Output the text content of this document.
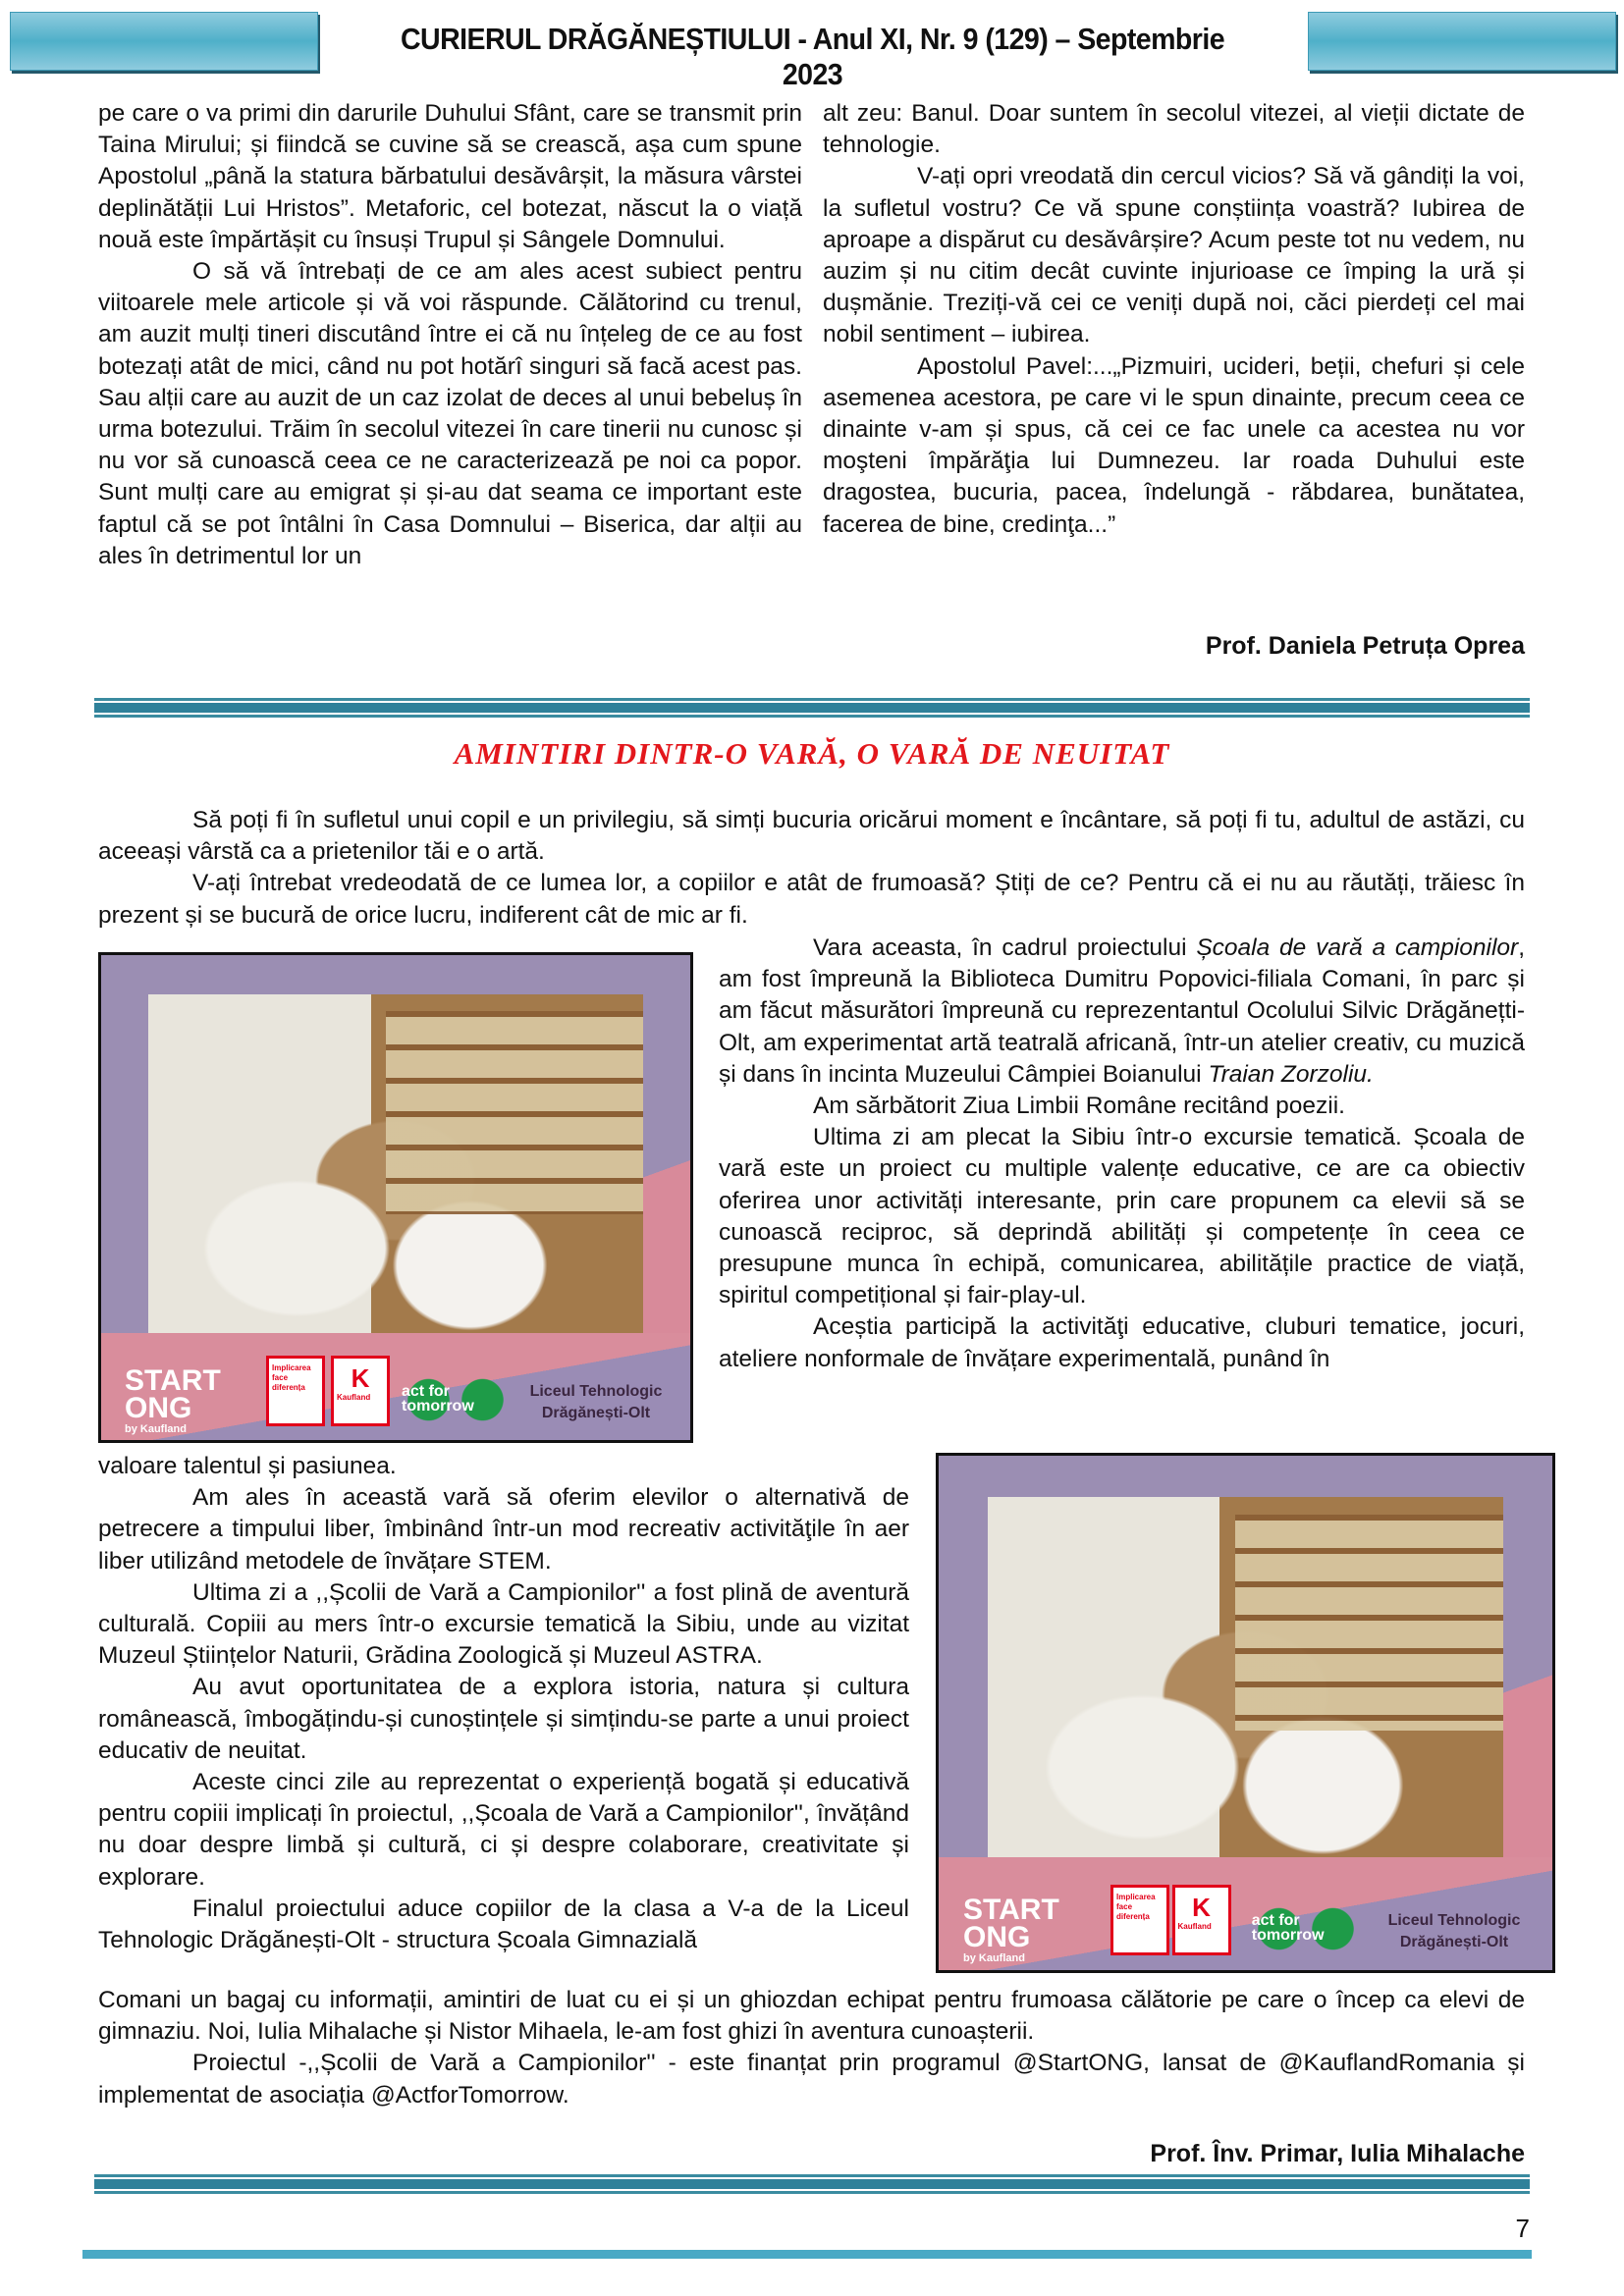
CURIERUL DRĂGĂNEȘTIULUI - Anul XI, Nr. 9 (129) – Septembrie 2023

pe care o va primi din darurile Duhului Sfânt, care se transmit prin Taina Mirului; și fiindcă se cuvine să se crească, așa cum spune Apostolul „până la statura bărbatului desăvârșit, la măsura vârstei deplinătății Lui Hristos”. Metaforic, cel botezat, născut la o viață nouă este împărtășit cu însuși Trupul și Sângele Domnului.

O să vă întrebați de ce am ales acest subiect pentru viitoarele mele articole și vă voi răspunde. Călătorind cu trenul, am auzit mulți tineri discutând între ei că nu înțeleg de ce au fost botezați atât de mici, când nu pot hotărî singuri să facă acest pas. Sau alții care au auzit de un caz izolat de deces al unui bebeluș în urma botezului. Trăim în secolul vitezei în care tinerii nu cunosc și nu vor să cunoască ceea ce ne caracterizează pe noi ca popor. Sunt mulți care au emigrat și și-au dat seama ce important este faptul că se pot întâlni în Casa Domnului – Biserica, dar alții au ales în detrimentul lor un

alt zeu: Banul. Doar suntem în secolul vitezei, al vieții dictate de tehnologie.

V-ați opri vreodată din cercul vicios? Să vă gândiți la voi, la sufletul vostru? Ce vă spune conștiința voastră? Iubirea de aproape a dispărut cu desăvârșire? Acum peste tot nu vedem, nu auzim și nu citim decât cuvinte injurioase ce împing la ură și dușmănie. Treziți-vă cei ce veniți după noi, căci pierdeți cel mai nobil sentiment – iubirea.

Apostolul Pavel:...„Pizmuiri, ucideri, beții, chefuri și cele asemenea acestora, pe care vi le spun dinainte, precum ceea ce dinainte v-am și spus, că cei ce fac unele ca acestea nu vor moşteni împărăţia lui Dumnezeu. Iar roada Duhului este dragostea, bucuria, pacea, îndelungă - răbdarea, bunătatea, facerea de bine, credinţa...”

Prof. Daniela Petruța Oprea
AMINTIRI DINTR-O VARĂ, O VARĂ DE NEUITAT

Să poți fi în sufletul unui copil e un privilegiu, să simți bucuria oricărui moment e încântare, să poți fi tu, adultul de astăzi, cu aceeași vârstă ca a prietenilor tăi e o artă.

V-ați întrebat vredeodată de ce lumea lor, a copiilor e atât de frumoasă? Știți de ce? Pentru că ei nu au răutăți, trăiesc în prezent și se bucură de orice lucru, indiferent cât de mic ar fi.

START
ONG
by Kaufland
Implicarea face diferența	K
Kaufland	act for tomorrow
Liceul Tehnologic
Drăgănești-Olt

Vara aceasta, în cadrul proiectului Școala de vară a campionilor, am fost împreună la Biblioteca Dumitru Popovici-filiala Comani, în parc și am făcut măsurători împreună cu reprezentantul Ocolului Silvic Drăgănețti-Olt, am experimentat artă teatrală africană, într-un atelier creativ, cu muzică și dans în incinta Muzeului Câmpiei Boianului Traian Zorzoliu.

Am sărbătorit Ziua Limbii Române recitând poezii.

Ultima zi am plecat la Sibiu într-o excursie tematică. Școala de vară este un proiect cu multiple valențe educative, ce are ca obiectiv oferirea unor activități interesante, prin care propunem ca elevii să se cunoască reciproc, să deprindă abilități și competențe în ceea ce presupune munca în echipă, comunicarea, abilitățile practice de viață, spiritul competițional și fair-play-ul.

Aceștia participă la activităţi educative, cluburi tematice, jocuri, ateliere nonformale de învățare experimentală, punând în

valoare talentul și pasiunea.

Am ales în această vară să oferim elevilor o alternativă de petrecere a timpului liber, îmbinând într-un mod recreativ activităţile în aer liber utilizând metodele de învățare STEM.

Ultima zi a ,,Școlii de Vară a Campionilor'' a fost plină de aventură culturală. Copiii au mers într-o excursie tematică la Sibiu, unde au vizitat Muzeul Științelor Naturii, Grădina Zoologică și Muzeul ASTRA.

Au avut oportunitatea de a explora istoria, natura și cultura românească, îmbogățindu-și cunoștințele și simțindu-se parte a unui proiect educativ de neuitat.

Aceste cinci zile au reprezentat o experiență bogată și educativă pentru copiii implicați în proiectul, ,,Școala de Vară a Campionilor'', învățând nu doar despre limbă și cultură, ci și despre colaborare, creativitate și explorare.

Finalul proiectului aduce copiilor de la clasa a V-a de la Liceul Tehnologic Drăgănești-Olt - structura Școala Gimnazială

START
ONG
by Kaufland
Implicarea face diferența	K
Kaufland	act for tomorrow
Liceul Tehnologic
Drăgănești-Olt

Comani un bagaj cu informații, amintiri de luat cu ei și un ghiozdan echipat pentru frumoasa călătorie pe care o încep ca elevi de gimnaziu. Noi, Iulia Mihalache și Nistor Mihaela, le-am fost ghizi în aventura cunoașterii.

Proiectul -,,Școlii de Vară a Campionilor'' - este finanțat prin programul @StartONG, lansat de @KauflandRomania și implementat de asociația @ActforTomorrow.

Prof. Înv. Primar, Iulia Mihalache
7
